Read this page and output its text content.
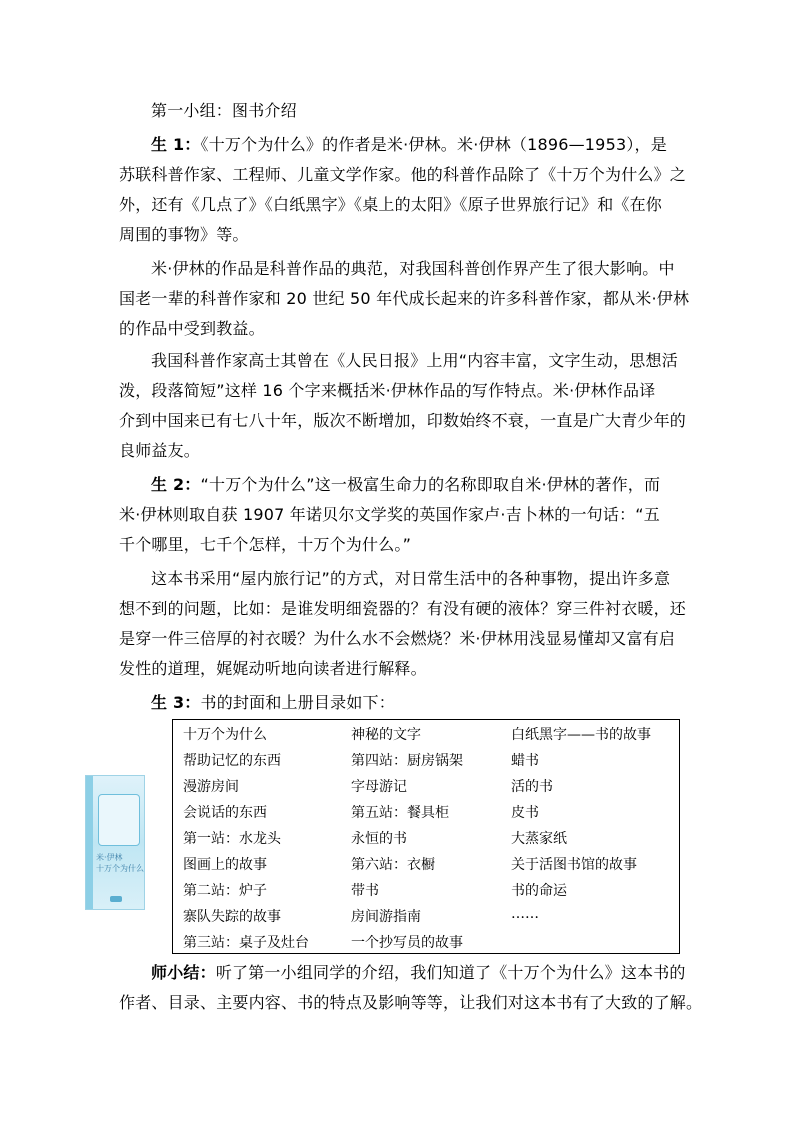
第一小组：图书介绍
生 1：《十万个为什么》的作者是米·伊林。米·伊林（1896—1953），是
苏联科普作家、工程师、儿童文学作家。他的科普作品除了《十万个为什么》之
外，还有《几点了》《白纸黑字》《桌上的太阳》《原子世界旅行记》和《在你
周围的事物》等。
米·伊林的作品是科普作品的典范，对我国科普创作界产生了很大影响。中
国老一辈的科普作家和 20 世纪 50 年代成长起来的许多科普作家，都从米·伊林
的作品中受到教益。
我国科普作家高士其曾在《人民日报》上用“内容丰富，文字生动，思想活
泼，段落简短”这样 16 个字来概括米·伊林作品的写作特点。米·伊林作品译
介到中国来已有七八十年，版次不断增加，印数始终不衰，一直是广大青少年的
良师益友。
生 2：“十万个为什么”这一极富生命力的名称即取自米·伊林的著作，而
米·伊林则取自获 1907 年诺贝尔文学奖的英国作家卢·吉卜林的一句话：“五
千个哪里，七千个怎样，十万个为什么。”
这本书采用“屋内旅行记”的方式，对日常生活中的各种事物，提出许多意
想不到的问题，比如：是谁发明细瓷器的？有没有硬的液体？穿三件衬衣暖，还
是穿一件三倍厚的衬衣暖？为什么水不会燃烧？米·伊林用浅显易懂却又富有启
发性的道理，娓娓动听地向读者进行解释。
生 3：书的封面和上册目录如下：
米·伊林
十万个为什么
十万个为什么	神秘的文字	白纸黑字——书的故事
帮助记忆的东西	第四站：厨房锅架	蜡书
漫游房间	字母游记	活的书
会说话的东西	第五站：餐具柜	皮书
第一站：水龙头	永恒的书	大蒸家纸
图画上的故事	第六站：衣橱	关于活图书馆的故事
第二站：炉子	带书	书的命运
寨队失踪的故事	房间游指南	……
第三站：桌子及灶台	一个抄写员的故事
师小结：听了第一小组同学的介绍，我们知道了《十万个为什么》这本书的
作者、目录、主要内容、书的特点及影响等等，让我们对这本书有了大致的了解。
